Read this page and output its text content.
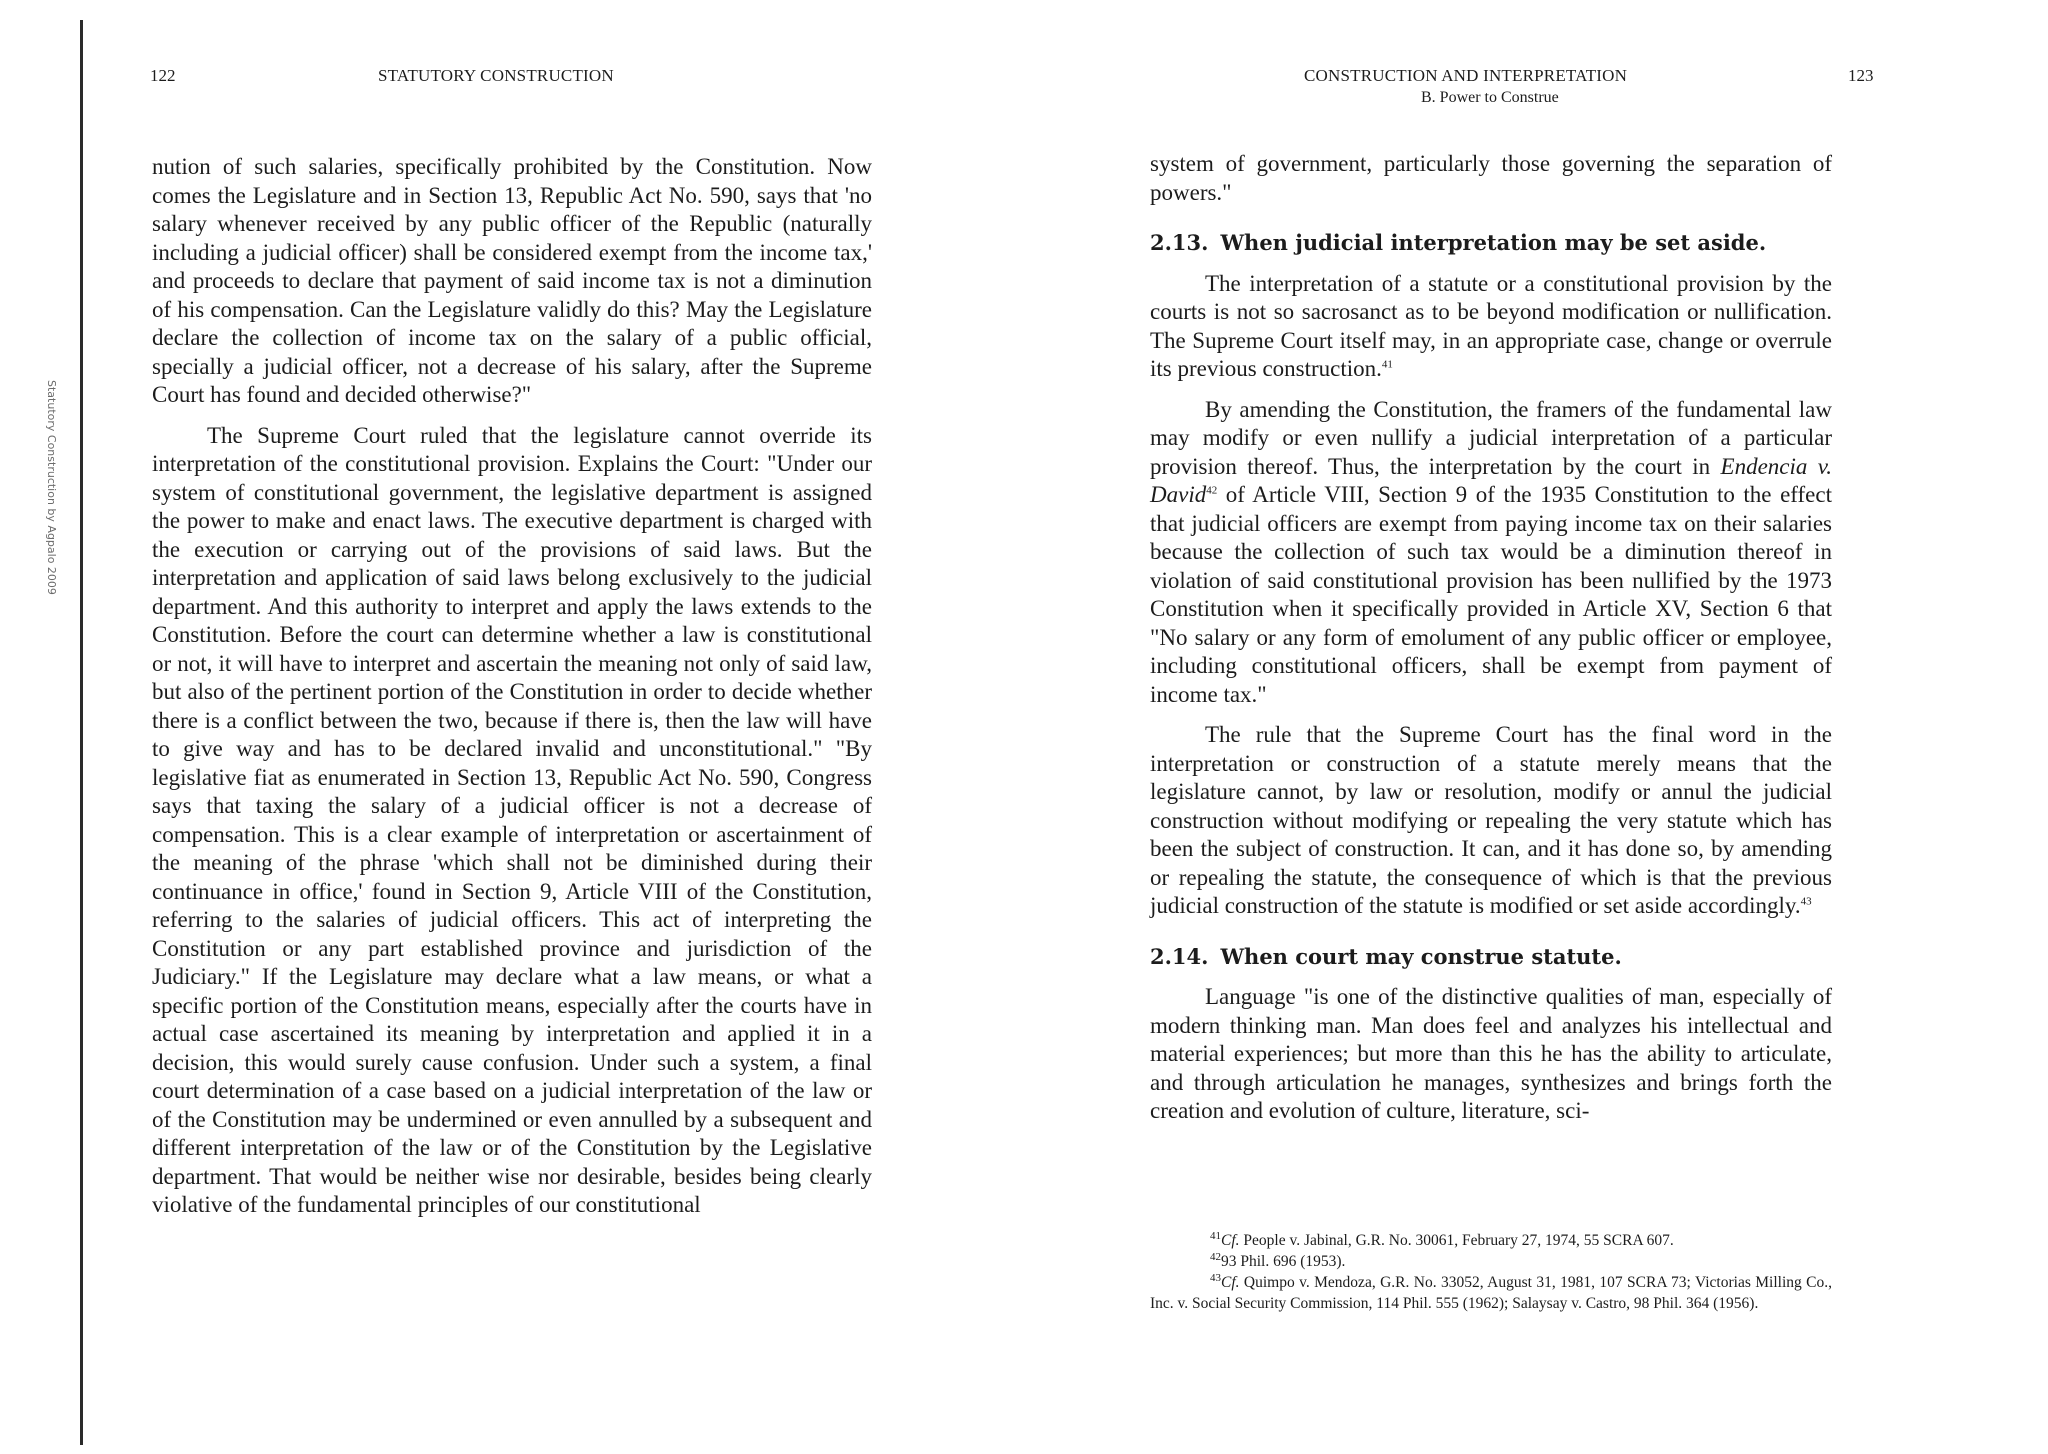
Statutory Construction by Agpalo 2009
122	STATUTORY CONSTRUCTION

nution of such salaries, specifically prohibited by the Constitution. Now comes the Legislature and in Section 13, Republic Act No. 590, says that 'no salary whenever received by any public officer of the Republic (naturally including a judicial officer) shall be considered exempt from the income tax,' and proceeds to declare that payment of said income tax is not a diminution of his compensation. Can the Legislature validly do this? May the Legislature declare the collection of income tax on the salary of a public official, specially a judicial officer, not a decrease of his salary, after the Supreme Court has found and decided otherwise?"

The Supreme Court ruled that the legislature cannot override its interpretation of the constitutional provision. Explains the Court: "Under our system of constitutional government, the legislative department is assigned the power to make and enact laws. The executive department is charged with the execution or carrying out of the provisions of said laws. But the interpretation and application of said laws belong exclusively to the judicial department. And this authority to interpret and apply the laws extends to the Constitution. Before the court can determine whether a law is constitutional or not, it will have to interpret and ascertain the meaning not only of said law, but also of the pertinent portion of the Constitution in order to decide whether there is a conflict between the two, because if there is, then the law will have to give way and has to be declared invalid and unconstitutional." "By legislative fiat as enumerated in Section 13, Republic Act No. 590, Congress says that taxing the salary of a judicial officer is not a decrease of compensation. This is a clear example of interpretation or ascertainment of the meaning of the phrase 'which shall not be diminished during their continuance in office,' found in Section 9, Article VIII of the Constitution, referring to the salaries of judicial officers. This act of interpreting the Constitution or any part established province and jurisdiction of the Judiciary." If the Legislature may declare what a law means, or what a specific portion of the Constitution means, especially after the courts have in actual case ascertained its meaning by interpretation and applied it in a decision, this would surely cause confusion. Under such a system, a final court determination of a case based on a judicial interpretation of the law or of the Constitution may be undermined or even annulled by a subsequent and different interpretation of the law or of the Constitution by the Legislative department. That would be neither wise nor desirable, besides being clearly violative of the fundamental principles of our constitutional

CONSTRUCTION AND INTERPRETATION	123
B. Power to Construe

system of government, particularly those governing the separation of powers."

2.13. When judicial interpretation may be set aside.

The interpretation of a statute or a constitutional provision by the courts is not so sacrosanct as to be beyond modification or nullification. The Supreme Court itself may, in an appropriate case, change or overrule its previous construction.$^{41}$

By amending the Constitution, the framers of the fundamental law may modify or even nullify a judicial interpretation of a particular provision thereof. Thus, the interpretation by the court in Endencia v. David$^{42}$ of Article VIII, Section 9 of the 1935 Constitution to the effect that judicial officers are exempt from paying income tax on their salaries because the collection of such tax would be a diminution thereof in violation of said constitutional provision has been nullified by the 1973 Constitution when it specifically provided in Article XV, Section 6 that "No salary or any form of emolument of any public officer or employee, including constitutional officers, shall be exempt from payment of income tax."

The rule that the Supreme Court has the final word in the interpretation or construction of a statute merely means that the legislature cannot, by law or resolution, modify or annul the judicial construction without modifying or repealing the very statute which has been the subject of construction. It can, and it has done so, by amending or repealing the statute, the consequence of which is that the previous judicial construction of the statute is modified or set aside accordingly.$^{43}$

2.14. When court may construe statute.

Language "is one of the distinctive qualities of man, especially of modern thinking man. Man does feel and analyzes his intellectual and material experiences; but more than this he has the ability to articulate, and through articulation he manages, synthesizes and brings forth the creation and evolution of culture, literature, sci-

$^{41}$Cf. People v. Jabinal, G.R. No. 30061, February 27, 1974, 55 SCRA 607.

$^{42}$93 Phil. 696 (1953).

$^{43}$Cf. Quimpo v. Mendoza, G.R. No. 33052, August 31, 1981, 107 SCRA 73; Victorias Milling Co., Inc. v. Social Security Commission, 114 Phil. 555 (1962); Salaysay v. Castro, 98 Phil. 364 (1956).
